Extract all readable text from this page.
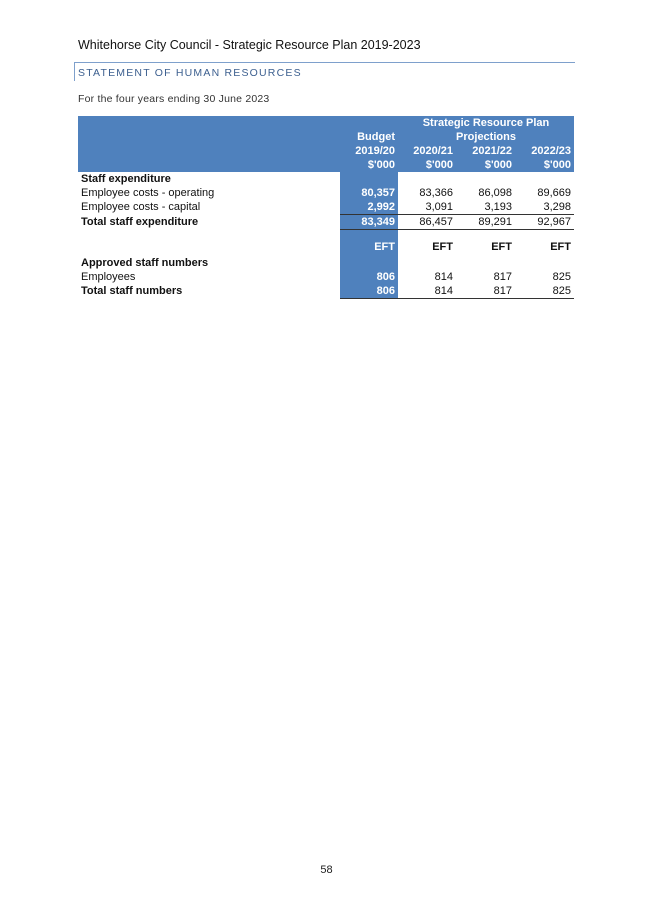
Whitehorse City Council - Strategic Resource Plan 2019-2023
STATEMENT OF HUMAN RESOURCES
For the four years ending 30 June 2023
		Strategic Resource Plan		
	Budget	Projections		
	2019/20	2020/21	2021/22	2022/23
	$'000	$'000	$'000	$'000
Staff expenditure				
Employee costs - operating	80,357	83,366	86,098	89,669
Employee costs - capital	2,992	3,091	3,193	3,298
Total staff expenditure	83,349	86,457	89,291	92,967

	EFT	EFT	EFT	EFT
Approved staff numbers				
Employees	806	814	817	825
Total staff numbers	806	814	817	825
58
